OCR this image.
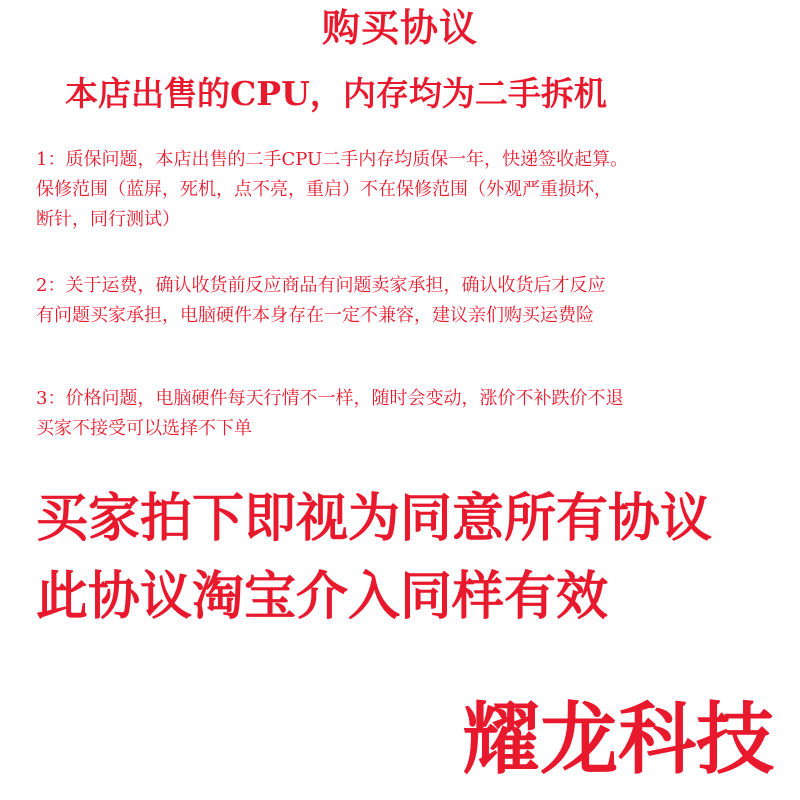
购买协议
本店出售的CPU，内存均为二手拆机
1：质保问题，本店出售的二手CPU二手内存均质保一年，快递签收起算。
保修范围（蓝屏，死机，点不亮，重启）不在保修范围（外观严重损坏，
断针，同行测试）
2：关于运费，确认收货前反应商品有问题卖家承担，确认收货后才反应
有问题买家承担，电脑硬件本身存在一定不兼容，建议亲们购买运费险
3：价格问题，电脑硬件每天行情不一样，随时会变动，涨价不补跌价不退
买家不接受可以选择不下单
买家拍下即视为同意所有协议
此协议淘宝介入同样有效
耀龙科技
